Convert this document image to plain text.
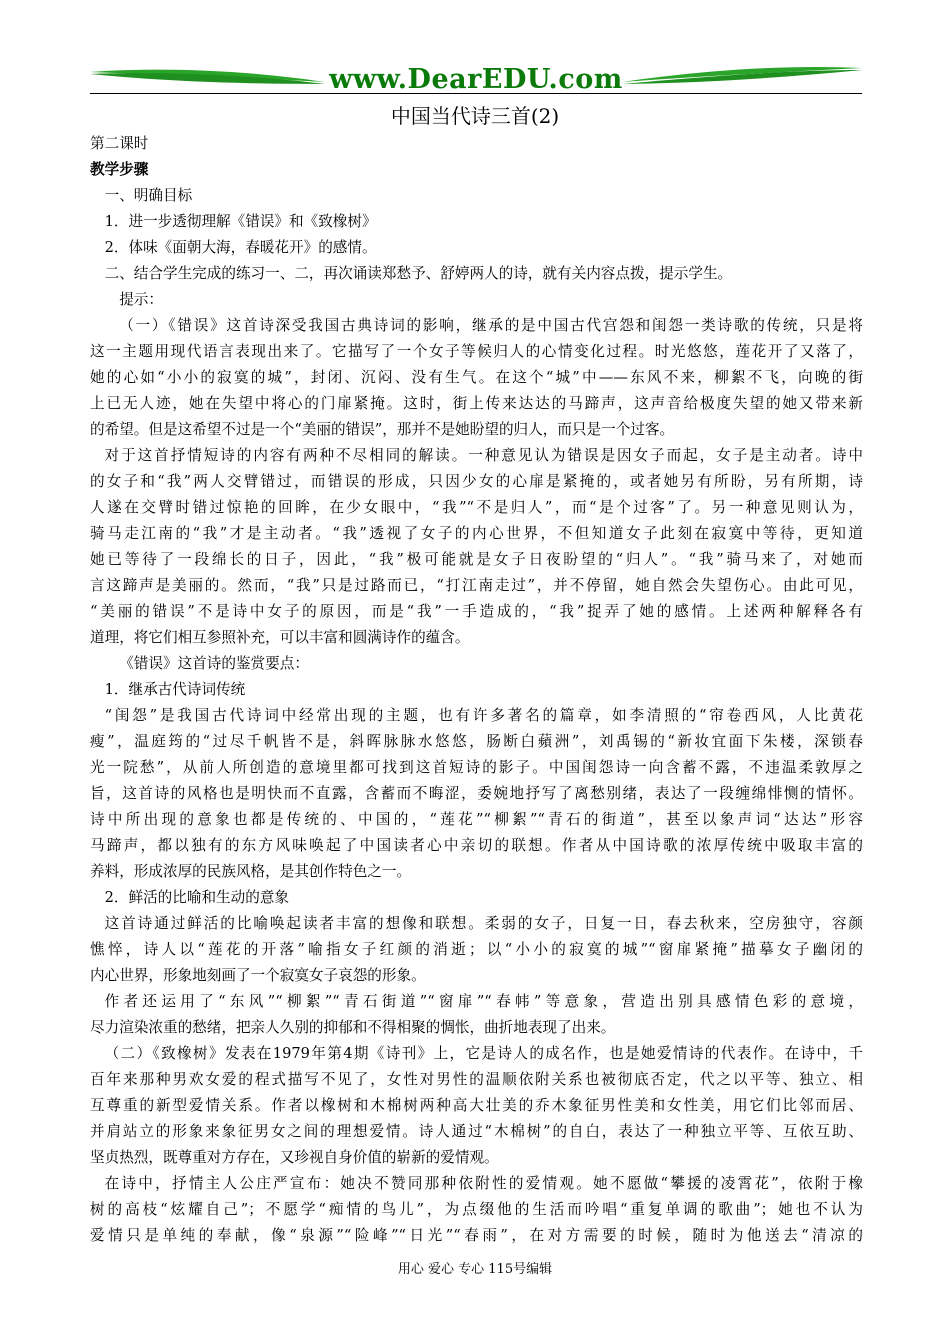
www.DearEDU.com
中国当代诗三首(2)
第二课时
教学步骤
一、明确目标
1．进一步透彻理解《错误》和《致橡树》
2．体味《面朝大海，春暖花开》的感情。
二、结合学生完成的练习一、二，再次诵读郑愁予、舒婷两人的诗，就有关内容点拨，提示学生。
提示：
（一）《错误》这首诗深受我国古典诗词的影响，继承的是中国古代宫怨和闺怨一类诗歌的传统，只是将
这一主题用现代语言表现出来了。它描写了一个女子等候归人的心情变化过程。时光悠悠，莲花开了又落了，
她的心如“小小的寂寞的城”，封闭、沉闷、没有生气。在这个“城”中——东风不来，柳絮不飞，向晚的街
上已无人迹，她在失望中将心的门扉紧掩。这时，街上传来达达的马蹄声，这声音给极度失望的她又带来新
的希望。但是这希望不过是一个“美丽的错误”，那并不是她盼望的归人，而只是一个过客。
对于这首抒情短诗的内容有两种不尽相同的解读。一种意见认为错误是因女子而起，女子是主动者。诗中
的女子和“我”两人交臂错过，而错误的形成，只因少女的心扉是紧掩的，或者她另有所盼，另有所期，诗
人遂在交臂时错过惊艳的回眸，在少女眼中，“我”“不是归人”，而“是个过客”了。另一种意见则认为，
骑马走江南的“我”才是主动者。“我”透视了女子的内心世界，不但知道女子此刻在寂寞中等待，更知道
她已等待了一段绵长的日子，因此，“我”极可能就是女子日夜盼望的“归人”。“我”骑马来了，对她而
言这蹄声是美丽的。然而，“我”只是过路而已，“打江南走过”，并不停留，她自然会失望伤心。由此可见，
“美丽的错误”不是诗中女子的原因，而是“我”一手造成的，“我”捉弄了她的感情。上述两种解释各有
道理，将它们相互参照补充，可以丰富和圆满诗作的蕴含。
《错误》这首诗的鉴赏要点：
1．继承古代诗词传统
“闺怨”是我国古代诗词中经常出现的主题，也有许多著名的篇章，如李清照的“帘卷西风，人比黄花
瘦”，温庭筠的“过尽千帆皆不是，斜晖脉脉水悠悠，肠断白蘋洲”，刘禹锡的“新妆宜面下朱楼，深锁春
光一院愁”，从前人所创造的意境里都可找到这首短诗的影子。中国闺怨诗一向含蓄不露，不违温柔敦厚之
旨，这首诗的风格也是明快而不直露，含蓄而不晦涩，委婉地抒写了离愁别绪，表达了一段缠绵悱恻的情怀。
诗中所出现的意象也都是传统的、中国的，“莲花”“柳絮”“青石的街道”，甚至以象声词“达达”形容
马蹄声，都以独有的东方风味唤起了中国读者心中亲切的联想。作者从中国诗歌的浓厚传统中吸取丰富的
养料，形成浓厚的民族风格，是其创作特色之一。
2．鲜活的比喻和生动的意象
这首诗通过鲜活的比喻唤起读者丰富的想像和联想。柔弱的女子，日复一日，春去秋来，空房独守，容颜
憔悴，诗人以“莲花的开落”喻指女子红颜的消逝；以“小小的寂寞的城”“窗扉紧掩”描摹女子幽闭的
内心世界，形象地刻画了一个寂寞女子哀怨的形象。
作者还运用了“东风”“柳絮”“青石街道”“窗扉”“春帏”等意象，营造出别具感情色彩的意境，
尽力渲染浓重的愁绪，把亲人久别的抑郁和不得相聚的惆怅，曲折地表现了出来。
（二）《致橡树》发表在1979年第4期《诗刊》上，它是诗人的成名作，也是她爱情诗的代表作。在诗中，千
百年来那种男欢女爱的程式描写不见了，女性对男性的温顺依附关系也被彻底否定，代之以平等、独立、相
互尊重的新型爱情关系。作者以橡树和木棉树两种高大壮美的乔木象征男性美和女性美，用它们比邻而居、
并肩站立的形象来象征男女之间的理想爱情。诗人通过“木棉树”的自白，表达了一种独立平等、互依互助、
坚贞热烈，既尊重对方存在，又珍视自身价值的崭新的爱情观。
在诗中，抒情主人公庄严宣布：她决不赞同那种依附性的爱情观。她不愿做“攀援的凌霄花”，依附于橡
树的高枝“炫耀自己”；不愿学“痴情的鸟儿”，为点缀他的生活而吟唱“重复单调的歌曲”；她也不认为
爱情只是单纯的奉献，像“泉源”“险峰”“日光”“春雨”，在对方需要的时候，随时为他送去“清凉的
用心 爱心 专心 115号编辑
